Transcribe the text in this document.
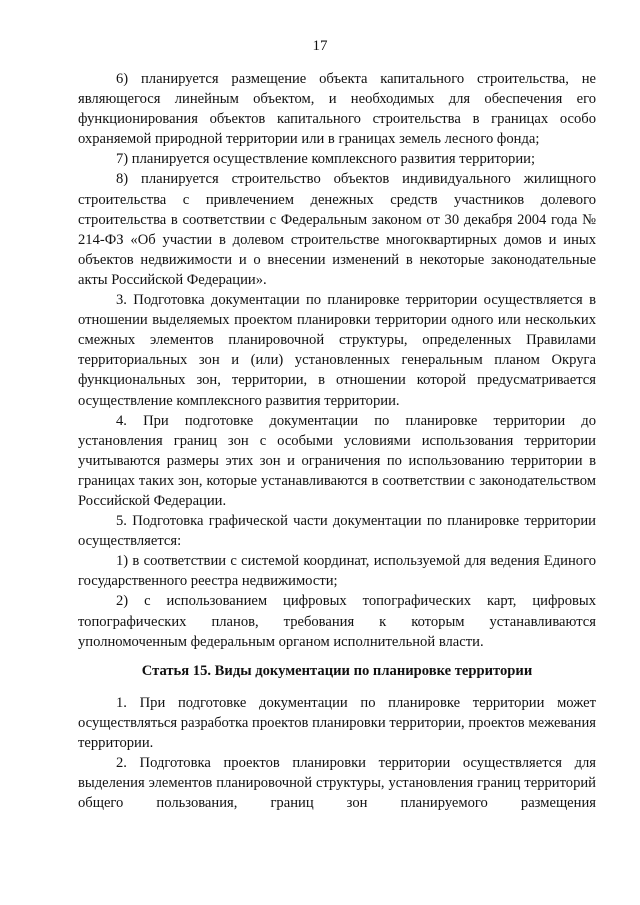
17

6) планируется размещение объекта капитального строительства, не являющегося линейным объектом, и необходимых для обеспечения его функционирования объектов капитального строительства в границах особо охраняемой природной территории или в границах земель лесного фонда;

7) планируется осуществление комплексного развития территории;

8) планируется строительство объектов индивидуального жилищного строительства с привлечением денежных средств участников долевого строительства в соответствии с Федеральным законом от 30 декабря 2004 года № 214-ФЗ «Об участии в долевом строительстве многоквартирных домов и иных объектов недвижимости и о внесении изменений в некоторые законодательные акты Российской Федерации».

3. Подготовка документации по планировке территории осуществляется в отношении выделяемых проектом планировки территории одного или нескольких смежных элементов планировочной структуры, определенных Правилами территориальных зон и (или) установленных генеральным планом Округа функциональных зон, территории, в отношении которой предусматривается осуществление комплексного развития территории.

4. При подготовке документации по планировке территории до установления границ зон с особыми условиями использования территории учитываются размеры этих зон и ограничения по использованию территории в границах таких зон, которые устанавливаются в соответствии с законодательством Российской Федерации.

5. Подготовка графической части документации по планировке территории осуществляется:

1) в соответствии с системой координат, используемой для ведения Единого государственного реестра недвижимости;

2) с использованием цифровых топографических карт, цифровых топографических планов, требования к которым устанавливаются уполномоченным федеральным органом исполнительной власти.

Статья 15. Виды документации по планировке территории

1. При подготовке документации по планировке территории может осуществляться разработка проектов планировки территории, проектов межевания территории.

2. Подготовка проектов планировки территории осуществляется для выделения элементов планировочной структуры, установления границ территорий общего пользования, границ зон планируемого размещения
